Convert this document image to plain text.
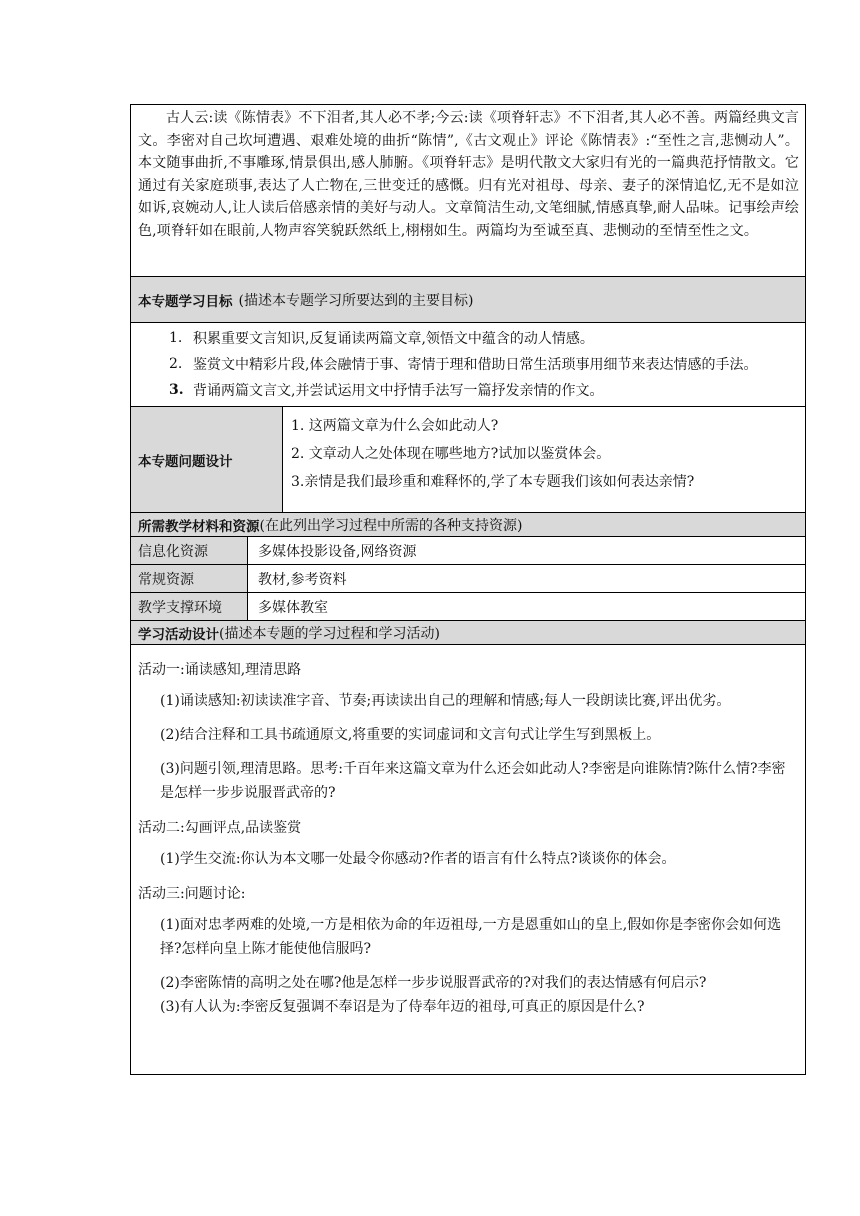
古人云:读《陈情表》不下泪者,其人必不孝;今云:读《项脊轩志》不下泪者,其人必不善。两篇经典文言文。李密对自己坎坷遭遇、艰难处境的曲折“陈情”,《古文观止》评论《陈情表》:“至性之言,悲恻动人”。本文随事曲折,不事雕琢,情景俱出,感人肺腑。《项脊轩志》是明代散文大家归有光的一篇典范抒情散文。它通过有关家庭琐事,表达了人亡物在,三世变迁的感慨。归有光对祖母、母亲、妻子的深情追忆,无不是如泣如诉,哀婉动人,让人读后倍感亲情的美好与动人。文章简洁生动,文笔细腻,情感真挚,耐人品味。记事绘声绘色,项脊轩如在眼前,人物声容笑貌跃然纸上,栩栩如生。两篇均为至诚至真、悲恻动的至情至性之文。

本专题学习目标 (描述本专题学习所要达到的主要目标)
1. 积累重要文言知识,反复诵读两篇文章,领悟文中蕴含的动人情感。
2. 鉴赏文中精彩片段,体会融情于事、寄情于理和借助日常生活琐事用细节来表达情感的手法。
3. 背诵两篇文言文,并尝试运用文中抒情手法写一篇抒发亲情的作文。
本专题问题设计
1. 这两篇文章为什么会如此动人?
2. 文章动人之处体现在哪些地方?试加以鉴赏体会。
3.亲情是我们最珍重和难释怀的,学了本专题我们该如何表达亲情?
所需教学材料和资源 (在此列出学习过程中所需的各种支持资源)
信息化资源	多媒体投影设备,网络资源
常规资源	教材,参考资料
教学支撑环境	多媒体教室
学习活动设计 (描述本专题的学习过程和学习活动)
活动一:诵读感知,理清思路
(1)诵读感知:初读读准字音、节奏;再读读出自己的理解和情感;每人一段朗读比赛,评出优劣。
(2)结合注释和工具书疏通原文,将重要的实词虚词和文言句式让学生写到黑板上。
(3)问题引领,理清思路。思考:千百年来这篇文章为什么还会如此动人?李密是向谁陈情?陈什么情?李密是怎样一步步说服晋武帝的?
活动二:勾画评点,品读鉴赏
(1)学生交流:你认为本文哪一处最令你感动?作者的语言有什么特点?谈谈你的体会。
活动三:问题讨论:
(1)面对忠孝两难的处境,一方是相依为命的年迈祖母,一方是恩重如山的皇上,假如你是李密你会如何选择?怎样向皇上陈才能使他信服吗?
(2)李密陈情的高明之处在哪?他是怎样一步步说服晋武帝的?对我们的表达情感有何启示?
(3)有人认为:李密反复强调不奉诏是为了侍奉年迈的祖母,可真正的原因是什么?
